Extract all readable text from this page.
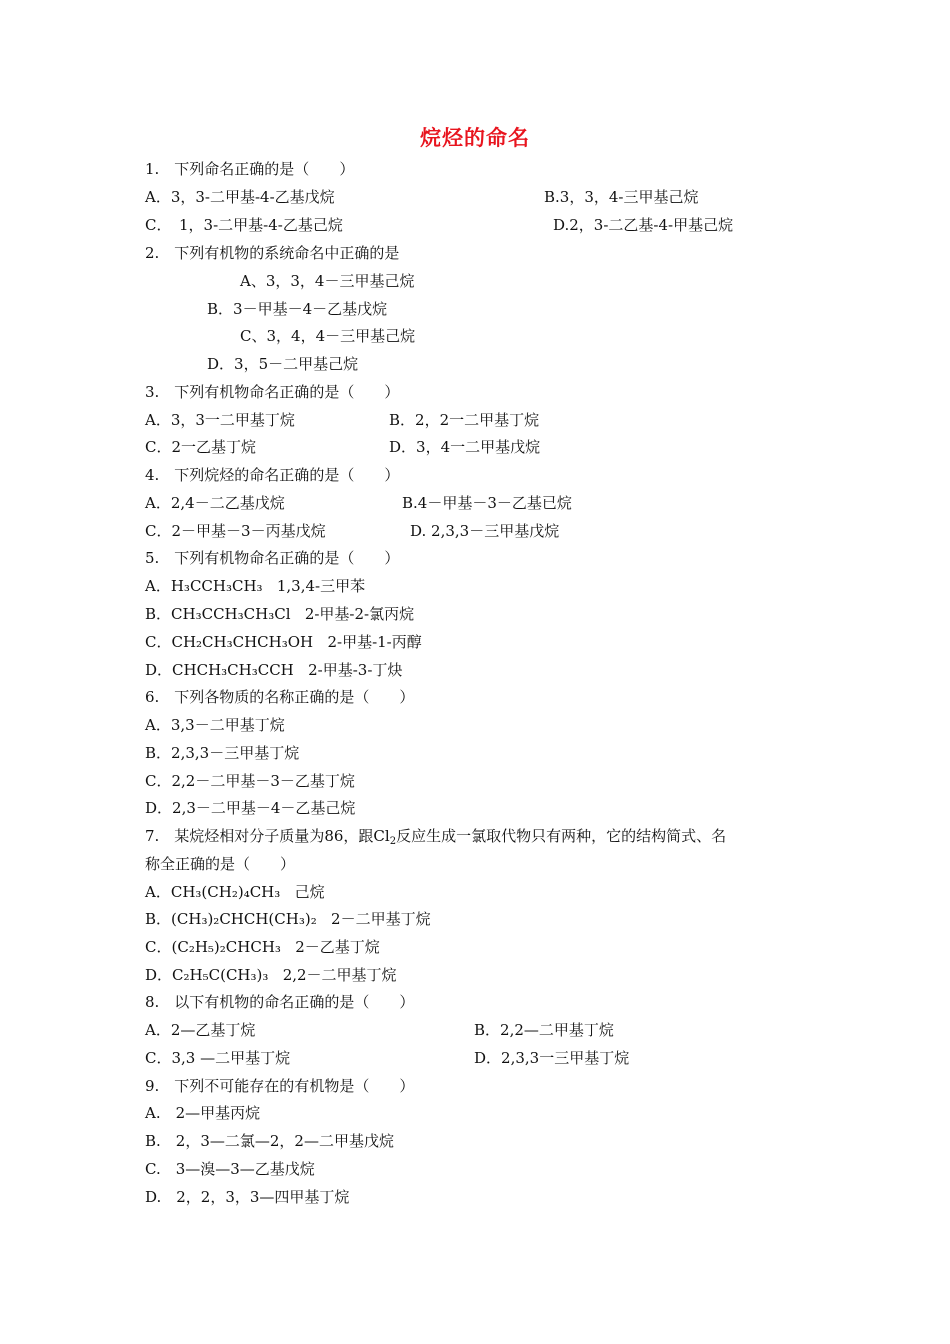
烷烃的命名
1.　下列命名正确的是（　　）
A．3，3-二甲基-4-乙基戊烷	B.3，3，4-三甲基己烷
C．　1，3-二甲基-4-乙基己烷	D.2，3-二乙基-4-甲基己烷
2.　下列有机物的系统命名中正确的是
A、3，3，4－三甲基己烷
B．3－甲基－4－乙基戊烷
C、3，4，4－三甲基己烷
D．3，5－二甲基己烷
3.　下列有机物命名正确的是（　　）
A．3，3一二甲基丁烷	B．2，2一二甲基丁烷
C．2一乙基丁烷	D．3，4一二甲基戊烷
4.　下列烷烃的命名正确的是（　　）
A．2,4－二乙基戊烷	B.4－甲基－3－乙基已烷
C．2－甲基－3－丙基戊烷	D. 2,3,3－三甲基戊烷
5.　下列有机物命名正确的是（　　）
A．H₃CCH₃CH₃ 1,3,4-三甲苯
B．CH₃CCH₃CH₃Cl 2-甲基-2-氯丙烷
C．CH₂CH₃CHCH₃OH 2-甲基-1-丙醇
D．CHCH₃CH₃CCH 2-甲基-3-丁炔
6.　下列各物质的名称正确的是（　　）
A．3,3－二甲基丁烷
B．2,3,3－三甲基丁烷
C．2,2－二甲基－3－乙基丁烷
D．2,3－二甲基－4－乙基己烷
7.　某烷烃相对分子质量为86，跟$Cl_2$反应生成一氯取代物只有两种，它的结构简式、名
称全正确的是（　　）
A．CH₃(CH₂)₄CH₃ 己烷
B．(CH₃)₂CHCH(CH₃)₂ 2－二甲基丁烷
C．(C₂H₅)₂CHCH₃ 2－乙基丁烷
D．C₂H₅C(CH₃)₃ 2,2－二甲基丁烷
8.　以下有机物的命名正确的是（　　）
A．2—乙基丁烷	B．2,2—二甲基丁烷
C．3,3 —二甲基丁烷	D．2,3,3一三甲基丁烷
9.　下列不可能存在的有机物是（　　）
A.　2—甲基丙烷
B.　2，3—二氯—2，2—二甲基戊烷
C.　3—溴—3—乙基戊烷
D.　2，2，3，3—四甲基丁烷
